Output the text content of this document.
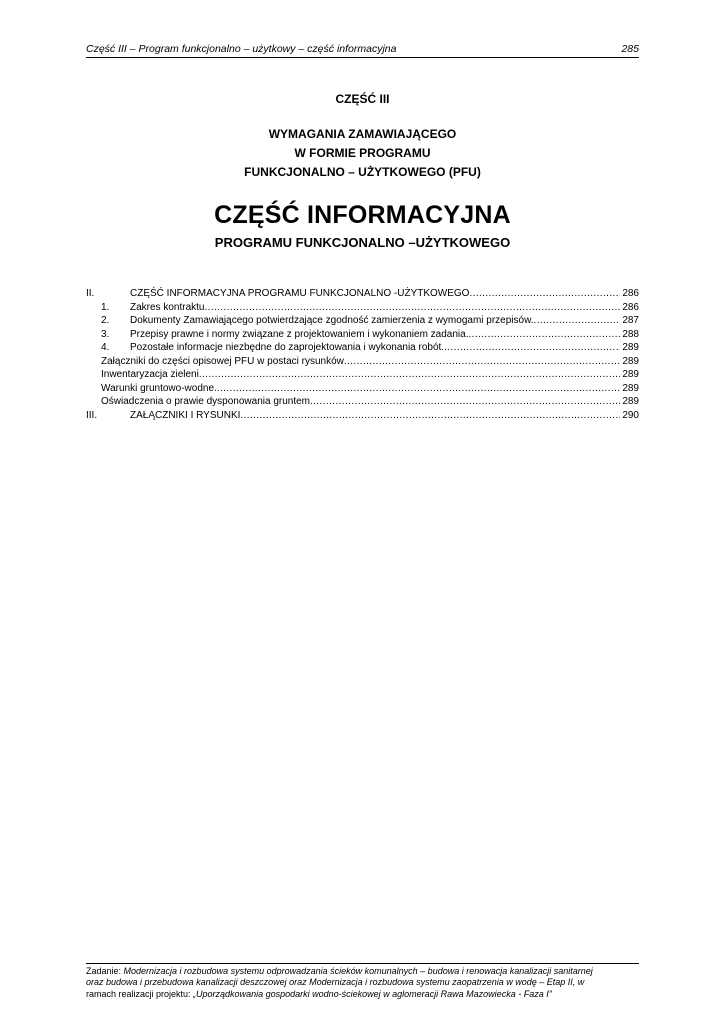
Część III – Program funkcjonalno – użytkowy – część informacyjna	285
CZĘŚĆ III
WYMAGANIA ZAMAWIAJĄCEGO
W FORMIE PROGRAMU
FUNKCJONALNO – UŻYTKOWEGO (PFU)
CZĘŚĆ INFORMACYJNA
PROGRAMU FUNKCJONALNO –UŻYTKOWEGO
II.	CZĘŚĆ INFORMACYJNA PROGRAMU FUNKCJONALNO -UŻYTKOWEGO .....	286
1.	Zakres kontraktu .....	286
2.	Dokumenty Zamawiającego potwierdzające zgodność zamierzenia z wymogami przepisów. .....	287
3.	Przepisy prawne i normy związane z projektowaniem i wykonaniem zadania. .....	288
4.	Pozostałe informacje niezbędne do zaprojektowania i wykonania robót. .....	289
Załączniki do części opisowej PFU w postaci rysunków .....	289
Inwentaryzacja zieleni .....	289
Warunki gruntowo-wodne. .....	289
Oświadczenia o prawie dysponowania gruntem .....	289
III.	ZAŁĄCZNIKI I RYSUNKI .....	290
Zadanie: Modernizacja i rozbudowa systemu odprowadzania ścieków komunalnych – budowa i renowacja kanalizacji sanitarnej
oraz budowa i przebudowa kanalizacji deszczowej oraz Modernizacja i rozbudowa systemu zaopatrzenia w wodę – Etap II, w
ramach realizacji projektu: „Uporządkowania gospodarki wodno-ściekowej w aglomeracji Rawa Mazowiecka - Faza I”
